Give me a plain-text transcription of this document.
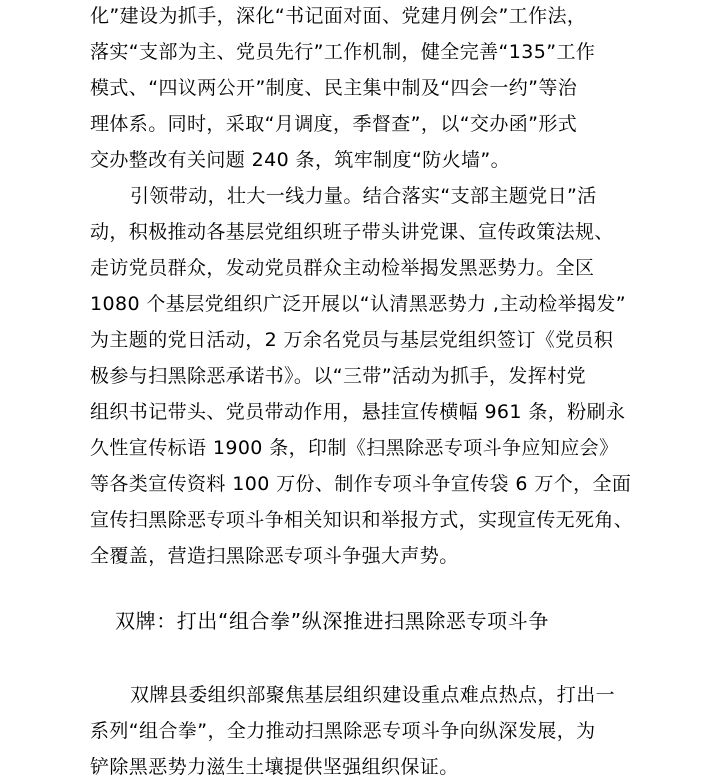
化”建设为抓手，深化“书记面对面、党建月例会”工作法，
落实“支部为主、党员先行”工作机制，健全完善“135”工作
模式、“四议两公开”制度、民主集中制及“四会一约”等治
理体系。同时，采取“月调度，季督查”，以“交办函”形式
交办整改有关问题 240 条，筑牢制度“防火墙”。
引领带动，壮大一线力量。结合落实“支部主题党日”活
动，积极推动各基层党组织班子带头讲党课、宣传政策法规、
走访党员群众，发动党员群众主动检举揭发黑恶势力。全区
1080 个基层党组织广泛开展以“认清黑恶势力 ,主动检举揭发”
为主题的党日活动，2 万余名党员与基层党组织签订《党员积
极参与扫黑除恶承诺书》。以“三带”活动为抓手，发挥村党
组织书记带头、党员带动作用，悬挂宣传横幅 961 条，粉刷永
久性宣传标语 1900 条，印制《扫黑除恶专项斗争应知应会》
等各类宣传资料 100 万份、制作专项斗争宣传袋 6 万个，全面
宣传扫黑除恶专项斗争相关知识和举报方式，实现宣传无死角、
全覆盖，营造扫黑除恶专项斗争强大声势。
双牌：打出“组合拳”纵深推进扫黑除恶专项斗争
双牌县委组织部聚焦基层组织建设重点难点热点，打出一
系列“组合拳”，全力推动扫黑除恶专项斗争向纵深发展，为
铲除黑恶势力滋生土壤提供坚强组织保证。
